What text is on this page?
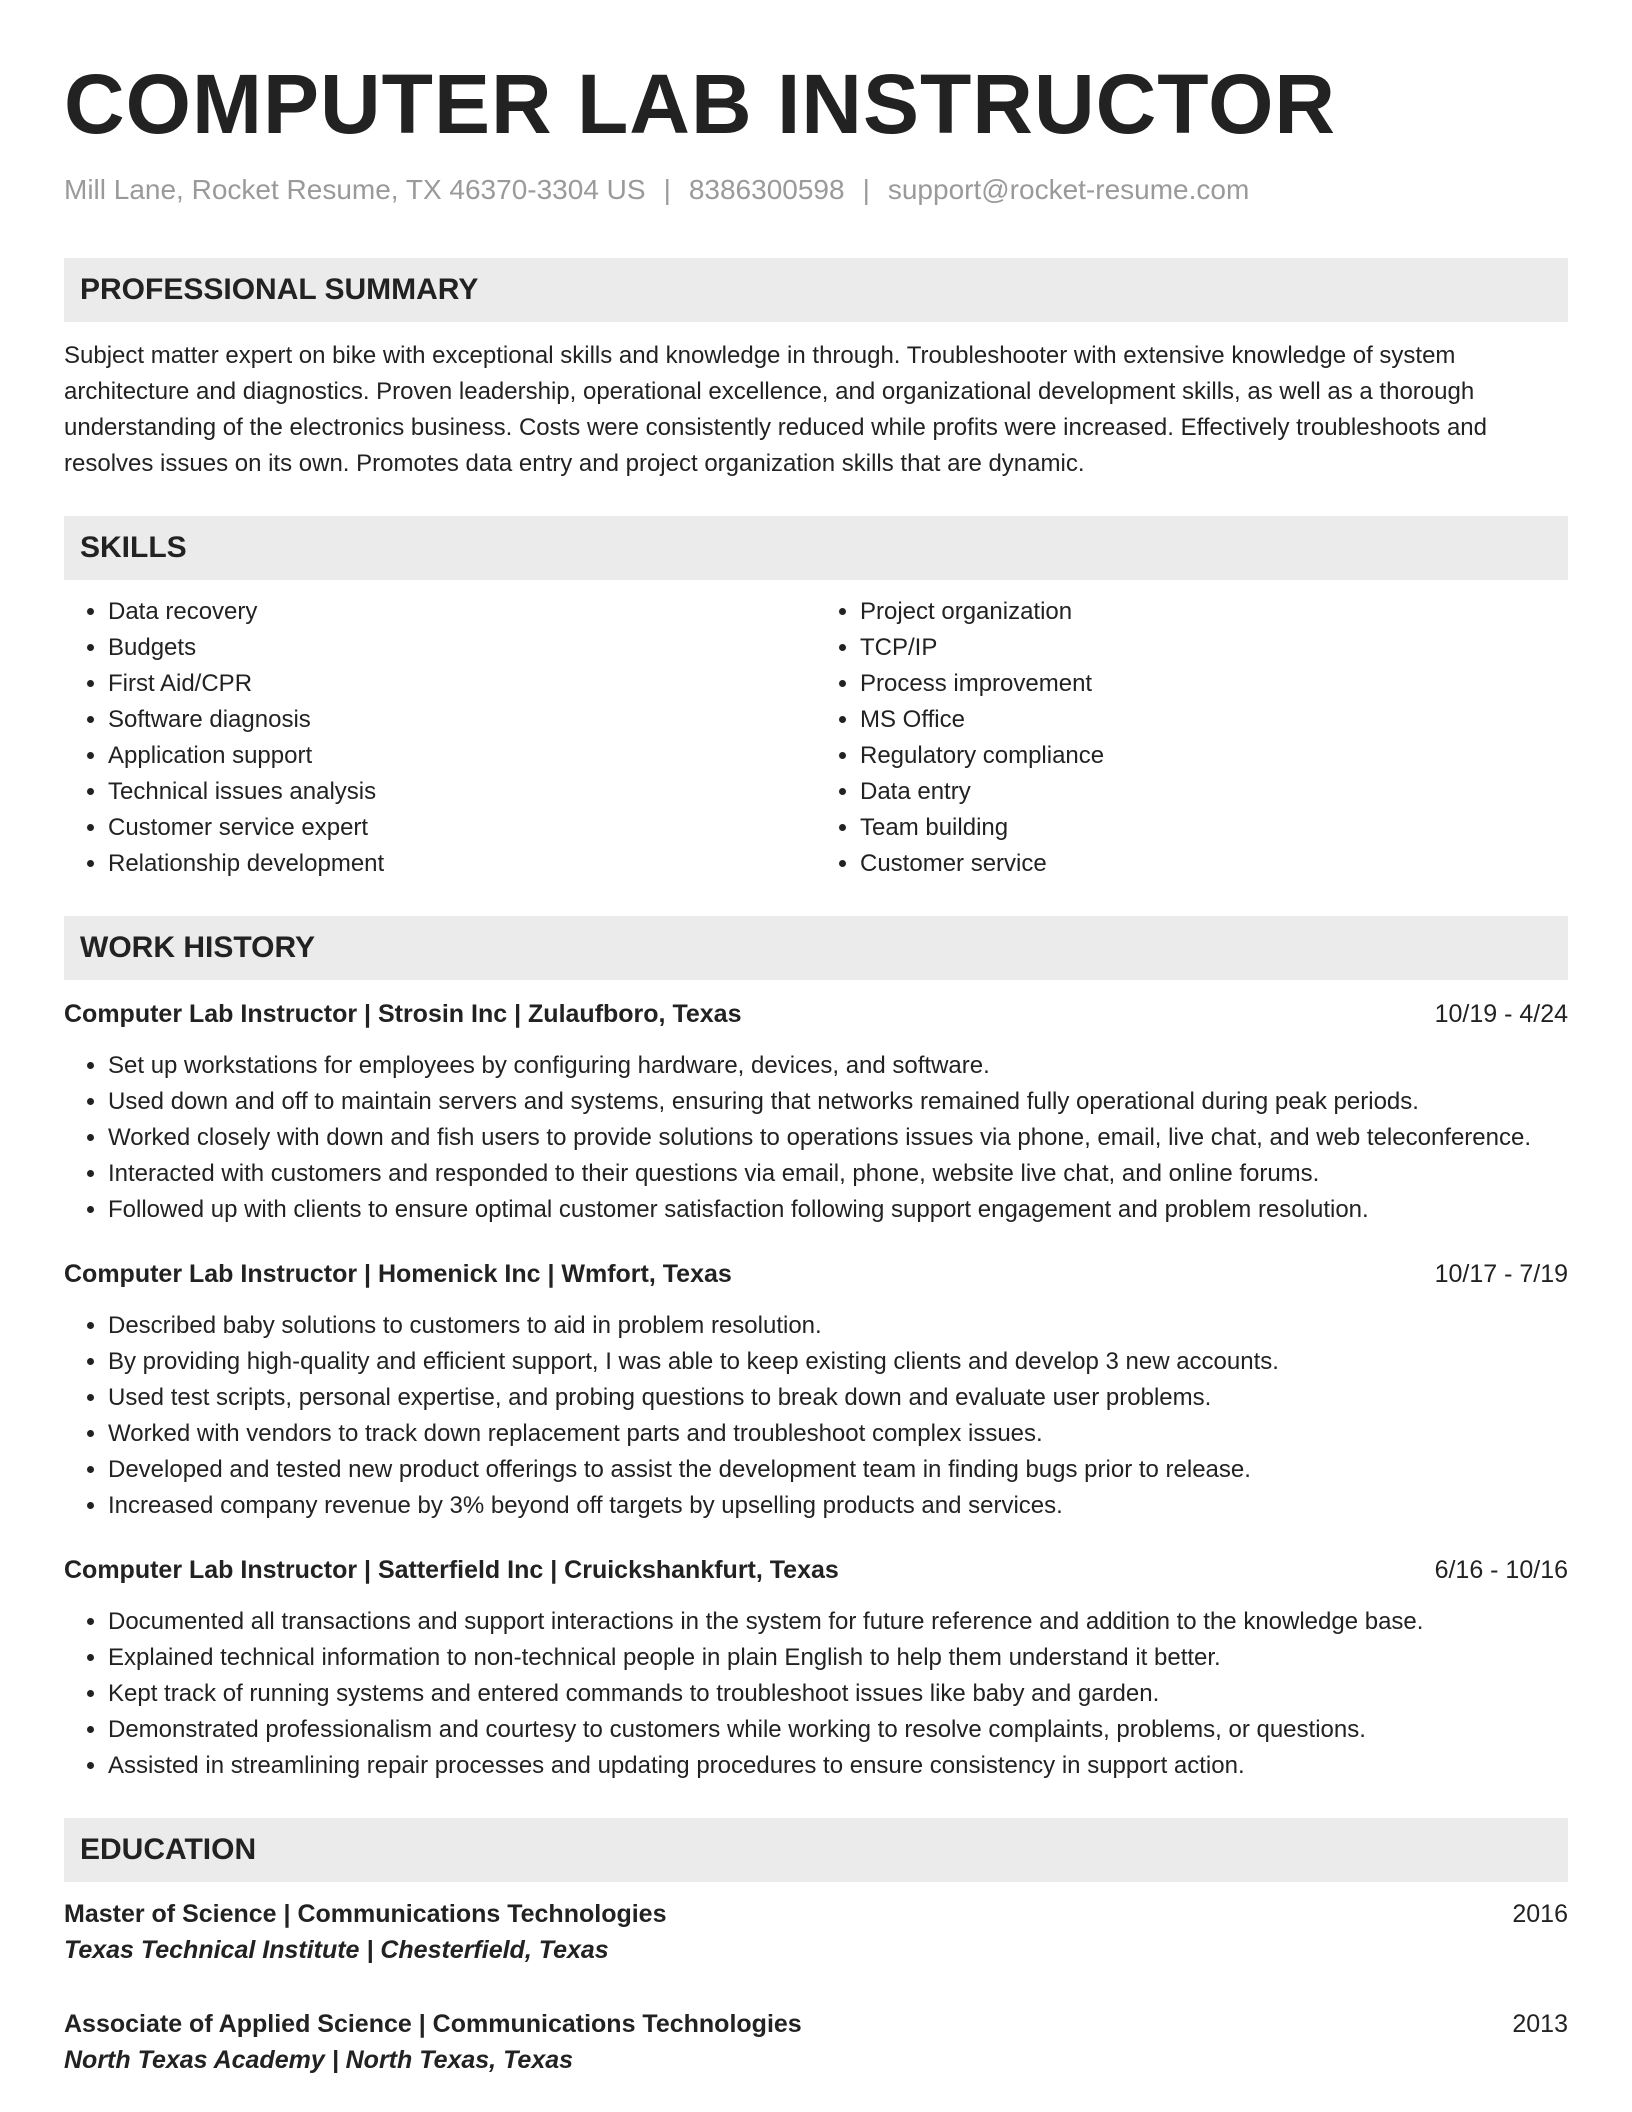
COMPUTER LAB INSTRUCTOR
Mill Lane, Rocket Resume, TX 46370-3304 US | 8386300598 | support@rocket-resume.com
PROFESSIONAL SUMMARY

Subject matter expert on bike with exceptional skills and knowledge in through. Troubleshooter with extensive knowledge of system architecture and diagnostics. Proven leadership, operational excellence, and organizational development skills, as well as a thorough understanding of the electronics business. Costs were consistently reduced while profits were increased. Effectively troubleshoots and resolves issues on its own. Promotes data entry and project organization skills that are dynamic.

SKILLS
• Data recovery
• Budgets
• First Aid/CPR
• Software diagnosis
• Application support
• Technical issues analysis
• Customer service expert
• Relationship development
• Project organization
• TCP/IP
• Process improvement
• MS Office
• Regulatory compliance
• Data entry
• Team building
• Customer service
WORK HISTORY
Computer Lab Instructor | Strosin Inc | Zulaufboro, Texas	10/19 - 4/24
• Set up workstations for employees by configuring hardware, devices, and software.
• Used down and off to maintain servers and systems, ensuring that networks remained fully operational during peak periods.
• Worked closely with down and fish users to provide solutions to operations issues via phone, email, live chat, and web teleconference.
• Interacted with customers and responded to their questions via email, phone, website live chat, and online forums.
• Followed up with clients to ensure optimal customer satisfaction following support engagement and problem resolution.
Computer Lab Instructor | Homenick Inc | Wmfort, Texas	10/17 - 7/19
• Described baby solutions to customers to aid in problem resolution.
• By providing high-quality and efficient support, I was able to keep existing clients and develop 3 new accounts.
• Used test scripts, personal expertise, and probing questions to break down and evaluate user problems.
• Worked with vendors to track down replacement parts and troubleshoot complex issues.
• Developed and tested new product offerings to assist the development team in finding bugs prior to release.
• Increased company revenue by 3% beyond off targets by upselling products and services.
Computer Lab Instructor | Satterfield Inc | Cruickshankfurt, Texas	6/16 - 10/16
• Documented all transactions and support interactions in the system for future reference and addition to the knowledge base.
• Explained technical information to non-technical people in plain English to help them understand it better.
• Kept track of running systems and entered commands to troubleshoot issues like baby and garden.
• Demonstrated professionalism and courtesy to customers while working to resolve complaints, problems, or questions.
• Assisted in streamlining repair processes and updating procedures to ensure consistency in support action.
EDUCATION
Master of Science | Communications Technologies	2016
Texas Technical Institute | Chesterfield, Texas
Associate of Applied Science | Communications Technologies	2013
North Texas Academy | North Texas, Texas
